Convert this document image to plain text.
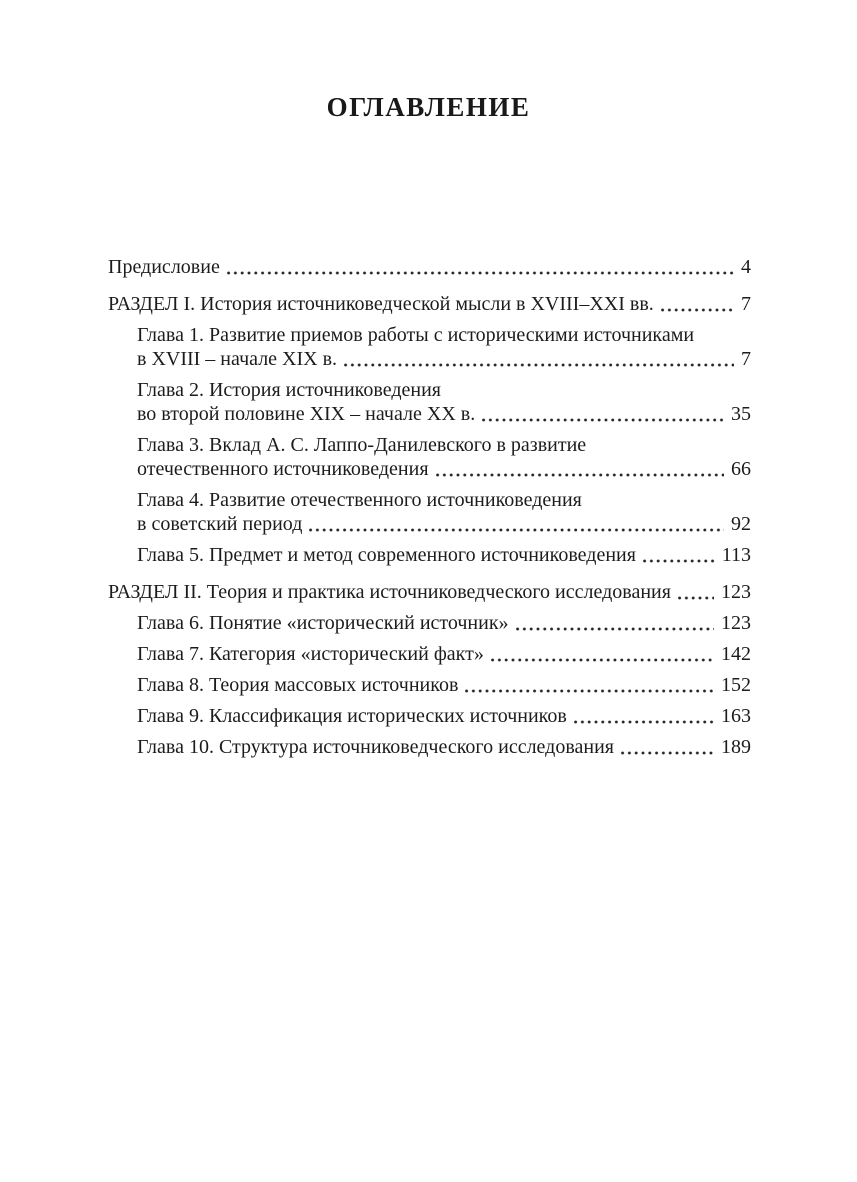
ОГЛАВЛЕНИЕ
Предисловие	4
РАЗДЕЛ I. История источниковедческой мысли в XVIII–XXI вв.	7
Глава 1. Развитие приемов работы с историческими источниками
в XVIII – начале XIX в.	7
Глава 2. История источниковедения
во второй половине XIX – начале XX в.	35
Глава 3. Вклад А. С. Лаппо-Данилевского в развитие
отечественного источниковедения	66
Глава 4. Развитие отечественного источниковедения
в советский период	92
Глава 5. Предмет и метод современного источниковедения	113
РАЗДЕЛ II. Теория и практика источниковедческого исследования	123
Глава 6. Понятие «исторический источник»	123
Глава 7. Категория «исторический факт»	142
Глава 8. Теория массовых источников	152
Глава 9. Классификация исторических источников	163
Глава 10. Структура источниковедческого исследования	189
